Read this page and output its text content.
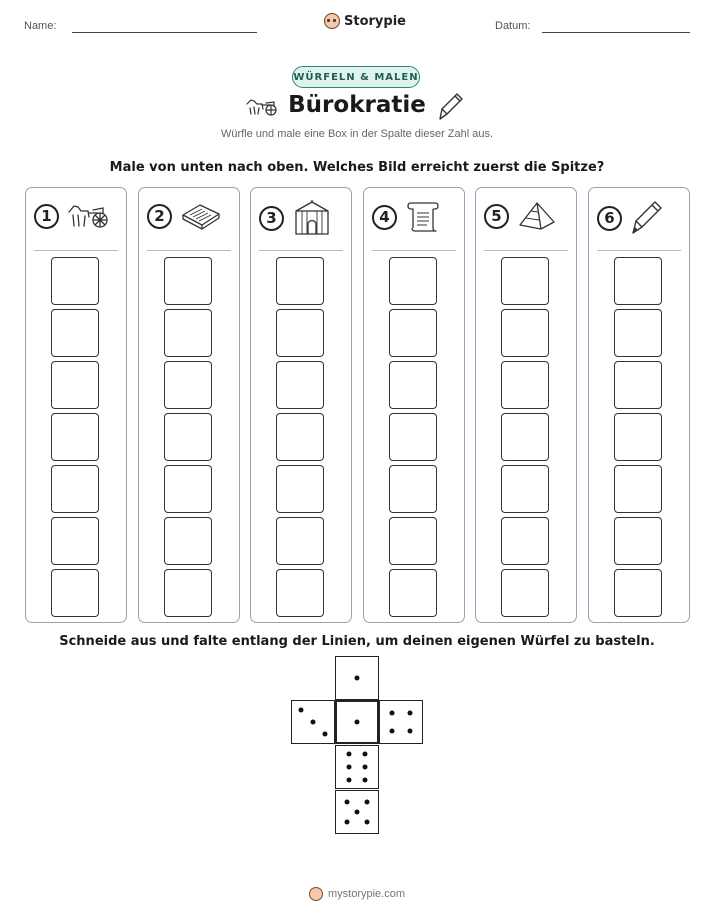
Name:	Storypie	Datum:
WÜRFELN & MALEN
Bürokratie
Würfle und male eine Box in der Spalte dieser Zahl aus.
Male von unten nach oben. Welches Bild erreicht zuerst die Spitze?
1	2	3	4	5	6
Schneide aus und falte entlang der Linien, um deinen eigenen Würfel zu basteln.
mystorypie.com
